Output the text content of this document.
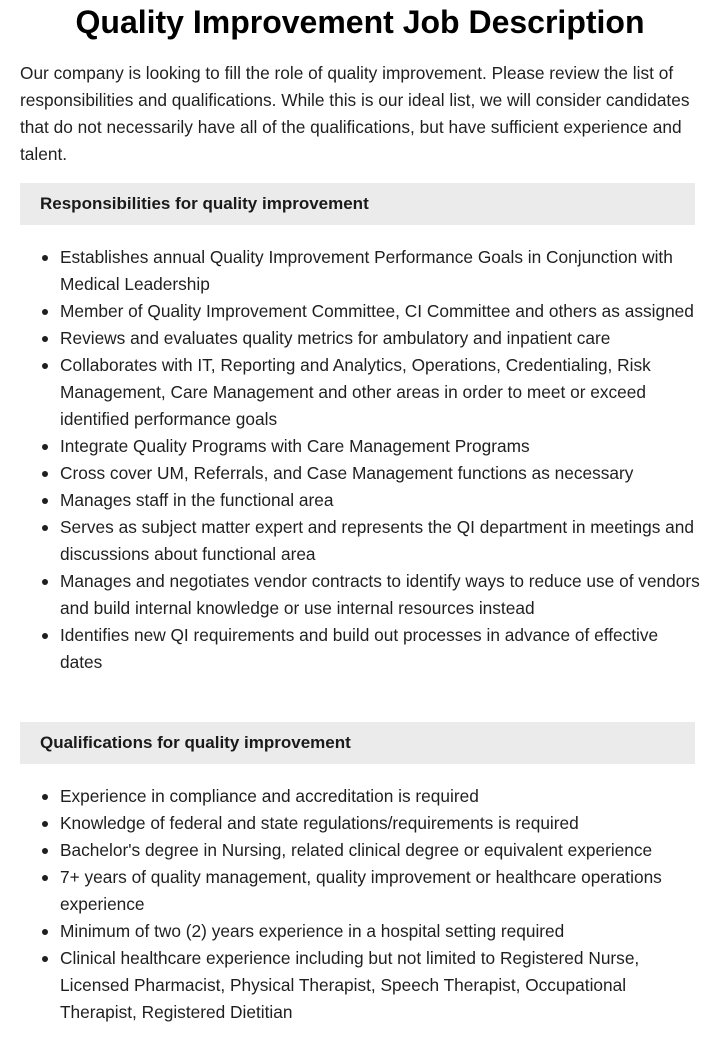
Quality Improvement Job Description

Our company is looking to fill the role of quality improvement. Please review the list of responsibilities and qualifications. While this is our ideal list, we will consider candidates that do not necessarily have all of the qualifications, but have sufficient experience and talent.

Responsibilities for quality improvement
Establishes annual Quality Improvement Performance Goals in Conjunction with Medical Leadership
Member of Quality Improvement Committee, CI Committee and others as assigned
Reviews and evaluates quality metrics for ambulatory and inpatient care
Collaborates with IT, Reporting and Analytics, Operations, Credentialing, Risk Management, Care Management and other areas in order to meet or exceed identified performance goals
Integrate Quality Programs with Care Management Programs
Cross cover UM, Referrals, and Case Management functions as necessary
Manages staff in the functional area
Serves as subject matter expert and represents the QI department in meetings and discussions about functional area
Manages and negotiates vendor contracts to identify ways to reduce use of vendors and build internal knowledge or use internal resources instead
Identifies new QI requirements and build out processes in advance of effective dates
Qualifications for quality improvement
Experience in compliance and accreditation is required
Knowledge of federal and state regulations/requirements is required
Bachelor's degree in Nursing, related clinical degree or equivalent experience
7+ years of quality management, quality improvement or healthcare operations experience
Minimum of two (2) years experience in a hospital setting required
Clinical healthcare experience including but not limited to Registered Nurse, Licensed Pharmacist, Physical Therapist, Speech Therapist, Occupational Therapist, Registered Dietitian
